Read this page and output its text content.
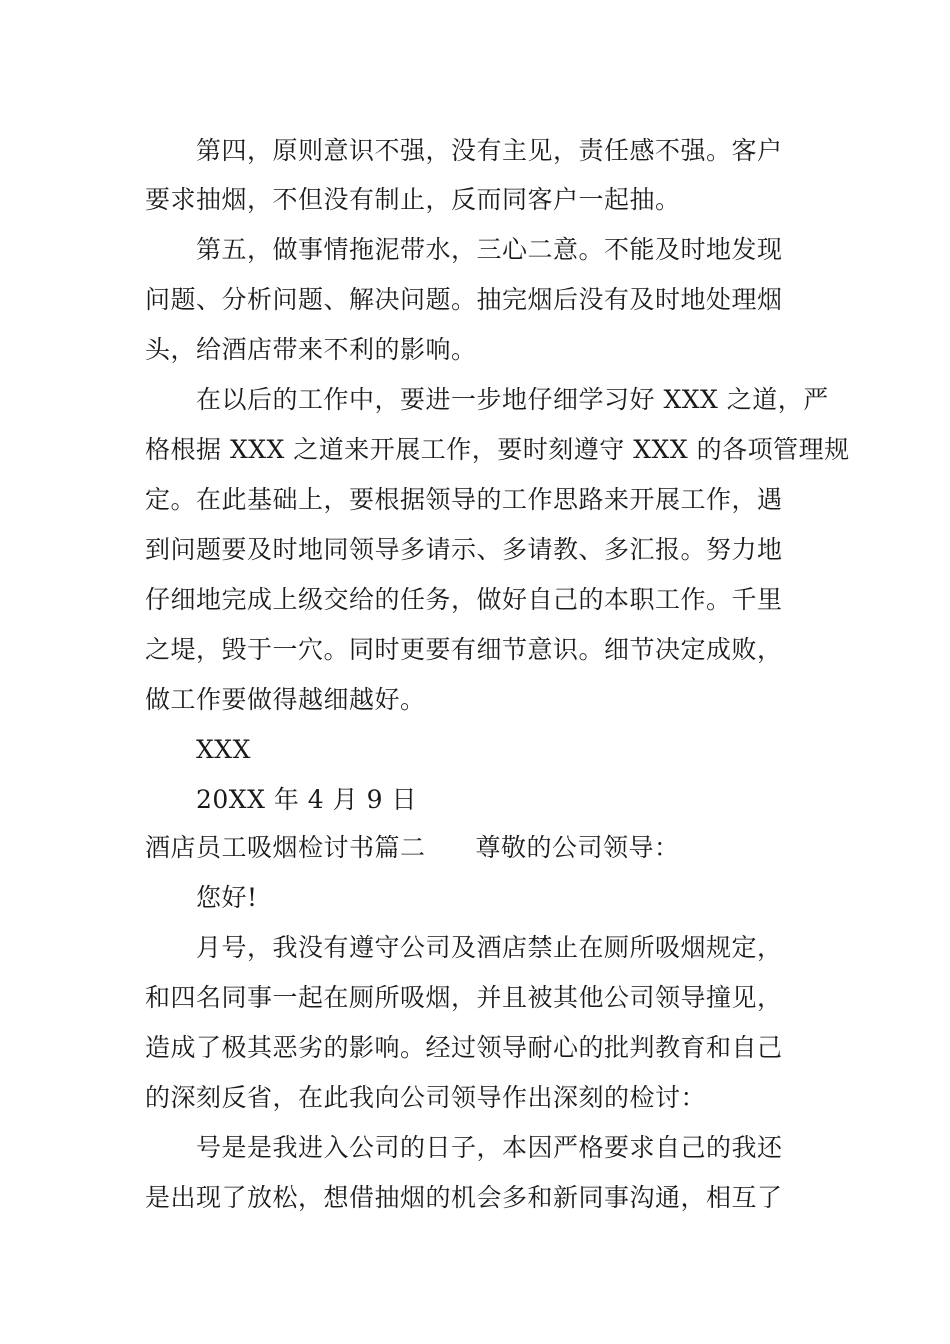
第四，原则意识不强，没有主见，责任感不强。客户
要求抽烟，不但没有制止，反而同客户一起抽。
第五，做事情拖泥带水，三心二意。不能及时地发现
问题、分析问题、解决问题。抽完烟后没有及时地处理烟
头，给酒店带来不利的影响。
在以后的工作中，要进一步地仔细学习好 XXX 之道，严
格根据 XXX 之道来开展工作，要时刻遵守 XXX 的各项管理规
定。在此基础上，要根据领导的工作思路来开展工作，遇
到问题要及时地同领导多请示、多请教、多汇报。努力地
仔细地完成上级交给的任务，做好自己的本职工作。千里
之堤，毁于一穴。同时更要有细节意识。细节决定成败，
做工作要做得越细越好。
XXX
20XX 年 4 月 9 日
酒店员工吸烟检讨书篇二 尊敬的公司领导：
您好!
月号，我没有遵守公司及酒店禁止在厕所吸烟规定，
和四名同事一起在厕所吸烟，并且被其他公司领导撞见，
造成了极其恶劣的影响。经过领导耐心的批判教育和自己
的深刻反省，在此我向公司领导作出深刻的检讨：
号是是我进入公司的日子，本因严格要求自己的我还
是出现了放松，想借抽烟的机会多和新同事沟通，相互了
